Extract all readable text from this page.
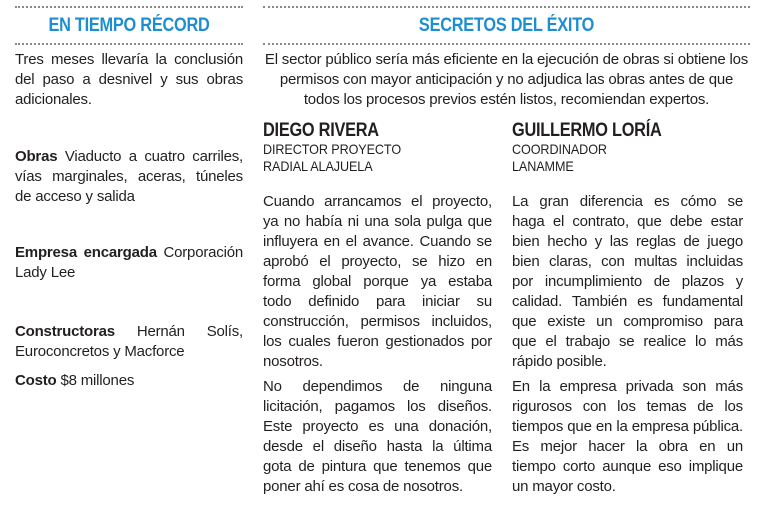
EN TIEMPO RÉCORD
Tres meses llevaría la conclusión del paso a desnivel y sus obras adicionales.
Obras Viaducto a cuatro carriles, vías marginales, aceras, túneles de acceso y salida
Empresa encargada Corporación Lady Lee
Constructoras Hernán Solís, Euroconcretos y Macforce
Costo $8 millones
SECRETOS DEL ÉXITO
El sector público sería más eficiente en la ejecución de obras si obtiene los permisos con mayor anticipación y no adjudica las obras antes de que todos los procesos previos estén listos, recomiendan expertos.
DIEGO RIVERA
DIRECTOR PROYECTO
RADIAL ALAJUELA
Cuando arrancamos el proyecto, ya no había ni una sola pulga que influyera en el avance. Cuando se aprobó el proyecto, se hizo en forma global porque ya estaba todo definido para iniciar su construcción, permisos incluidos, los cuales fueron gestionados por nosotros.
No dependimos de ninguna licitación, pagamos los diseños. Este proyecto es una donación, desde el diseño hasta la última gota de pintura que tenemos que poner ahí es cosa de nosotros.
GUILLERMO LORÍA
COORDINADOR
LANAMME
La gran diferencia es cómo se haga el contrato, que debe estar bien hecho y las reglas de juego bien claras, con multas incluidas por incumplimiento de plazos y calidad. También es fundamental que existe un compromiso para que el trabajo se realice lo más rápido posible.
En la empresa privada son más rigurosos con los temas de los tiempos que en la empresa pública. Es mejor hacer la obra en un tiempo corto aunque eso implique un mayor costo.
